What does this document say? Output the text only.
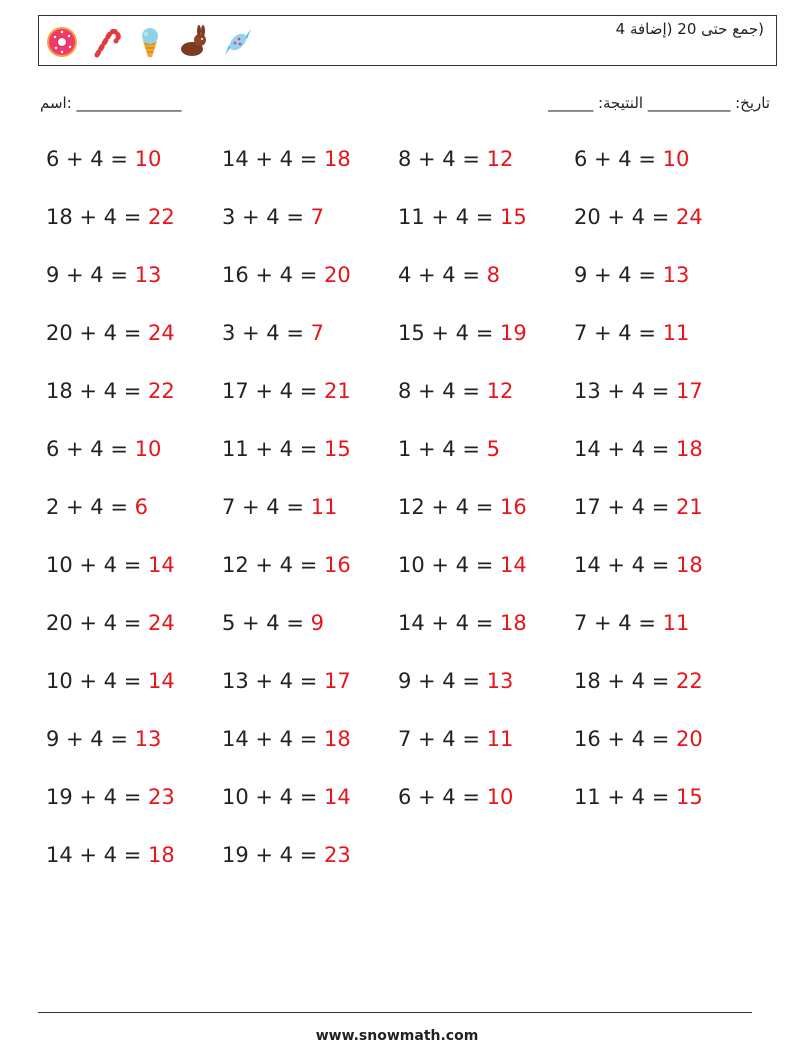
(جمع حتى 20 (إضافة 4
اسم: ______________	______ :تاريخ: ___________ النتيجة
6 + 4 = 10	14 + 4 = 18 8 + 4 = 12	6 + 4 = 10
18 + 4 = 22 3 + 4 = 7	11 + 4 = 15 20 + 4 = 24
9 + 4 = 13	16 + 4 = 20 4 + 4 = 8	9 + 4 = 13
20 + 4 = 24 3 + 4 = 7	15 + 4 = 19 7 + 4 = 11
18 + 4 = 22 17 + 4 = 21 8 + 4 = 12	13 + 4 = 17
6 + 4 = 10	11 + 4 = 15 1 + 4 = 5	14 + 4 = 18
2 + 4 = 6	7 + 4 = 11	12 + 4 = 16 17 + 4 = 21
10 + 4 = 14 12 + 4 = 16 10 + 4 = 14 14 + 4 = 18
20 + 4 = 24 5 + 4 = 9	14 + 4 = 18 7 + 4 = 11
10 + 4 = 14 13 + 4 = 17 9 + 4 = 13	18 + 4 = 22
9 + 4 = 13	14 + 4 = 18 7 + 4 = 11	16 + 4 = 20
19 + 4 = 23 10 + 4 = 14 6 + 4 = 10	11 + 4 = 15
14 + 4 = 18 19 + 4 = 23
www.snowmath.com
